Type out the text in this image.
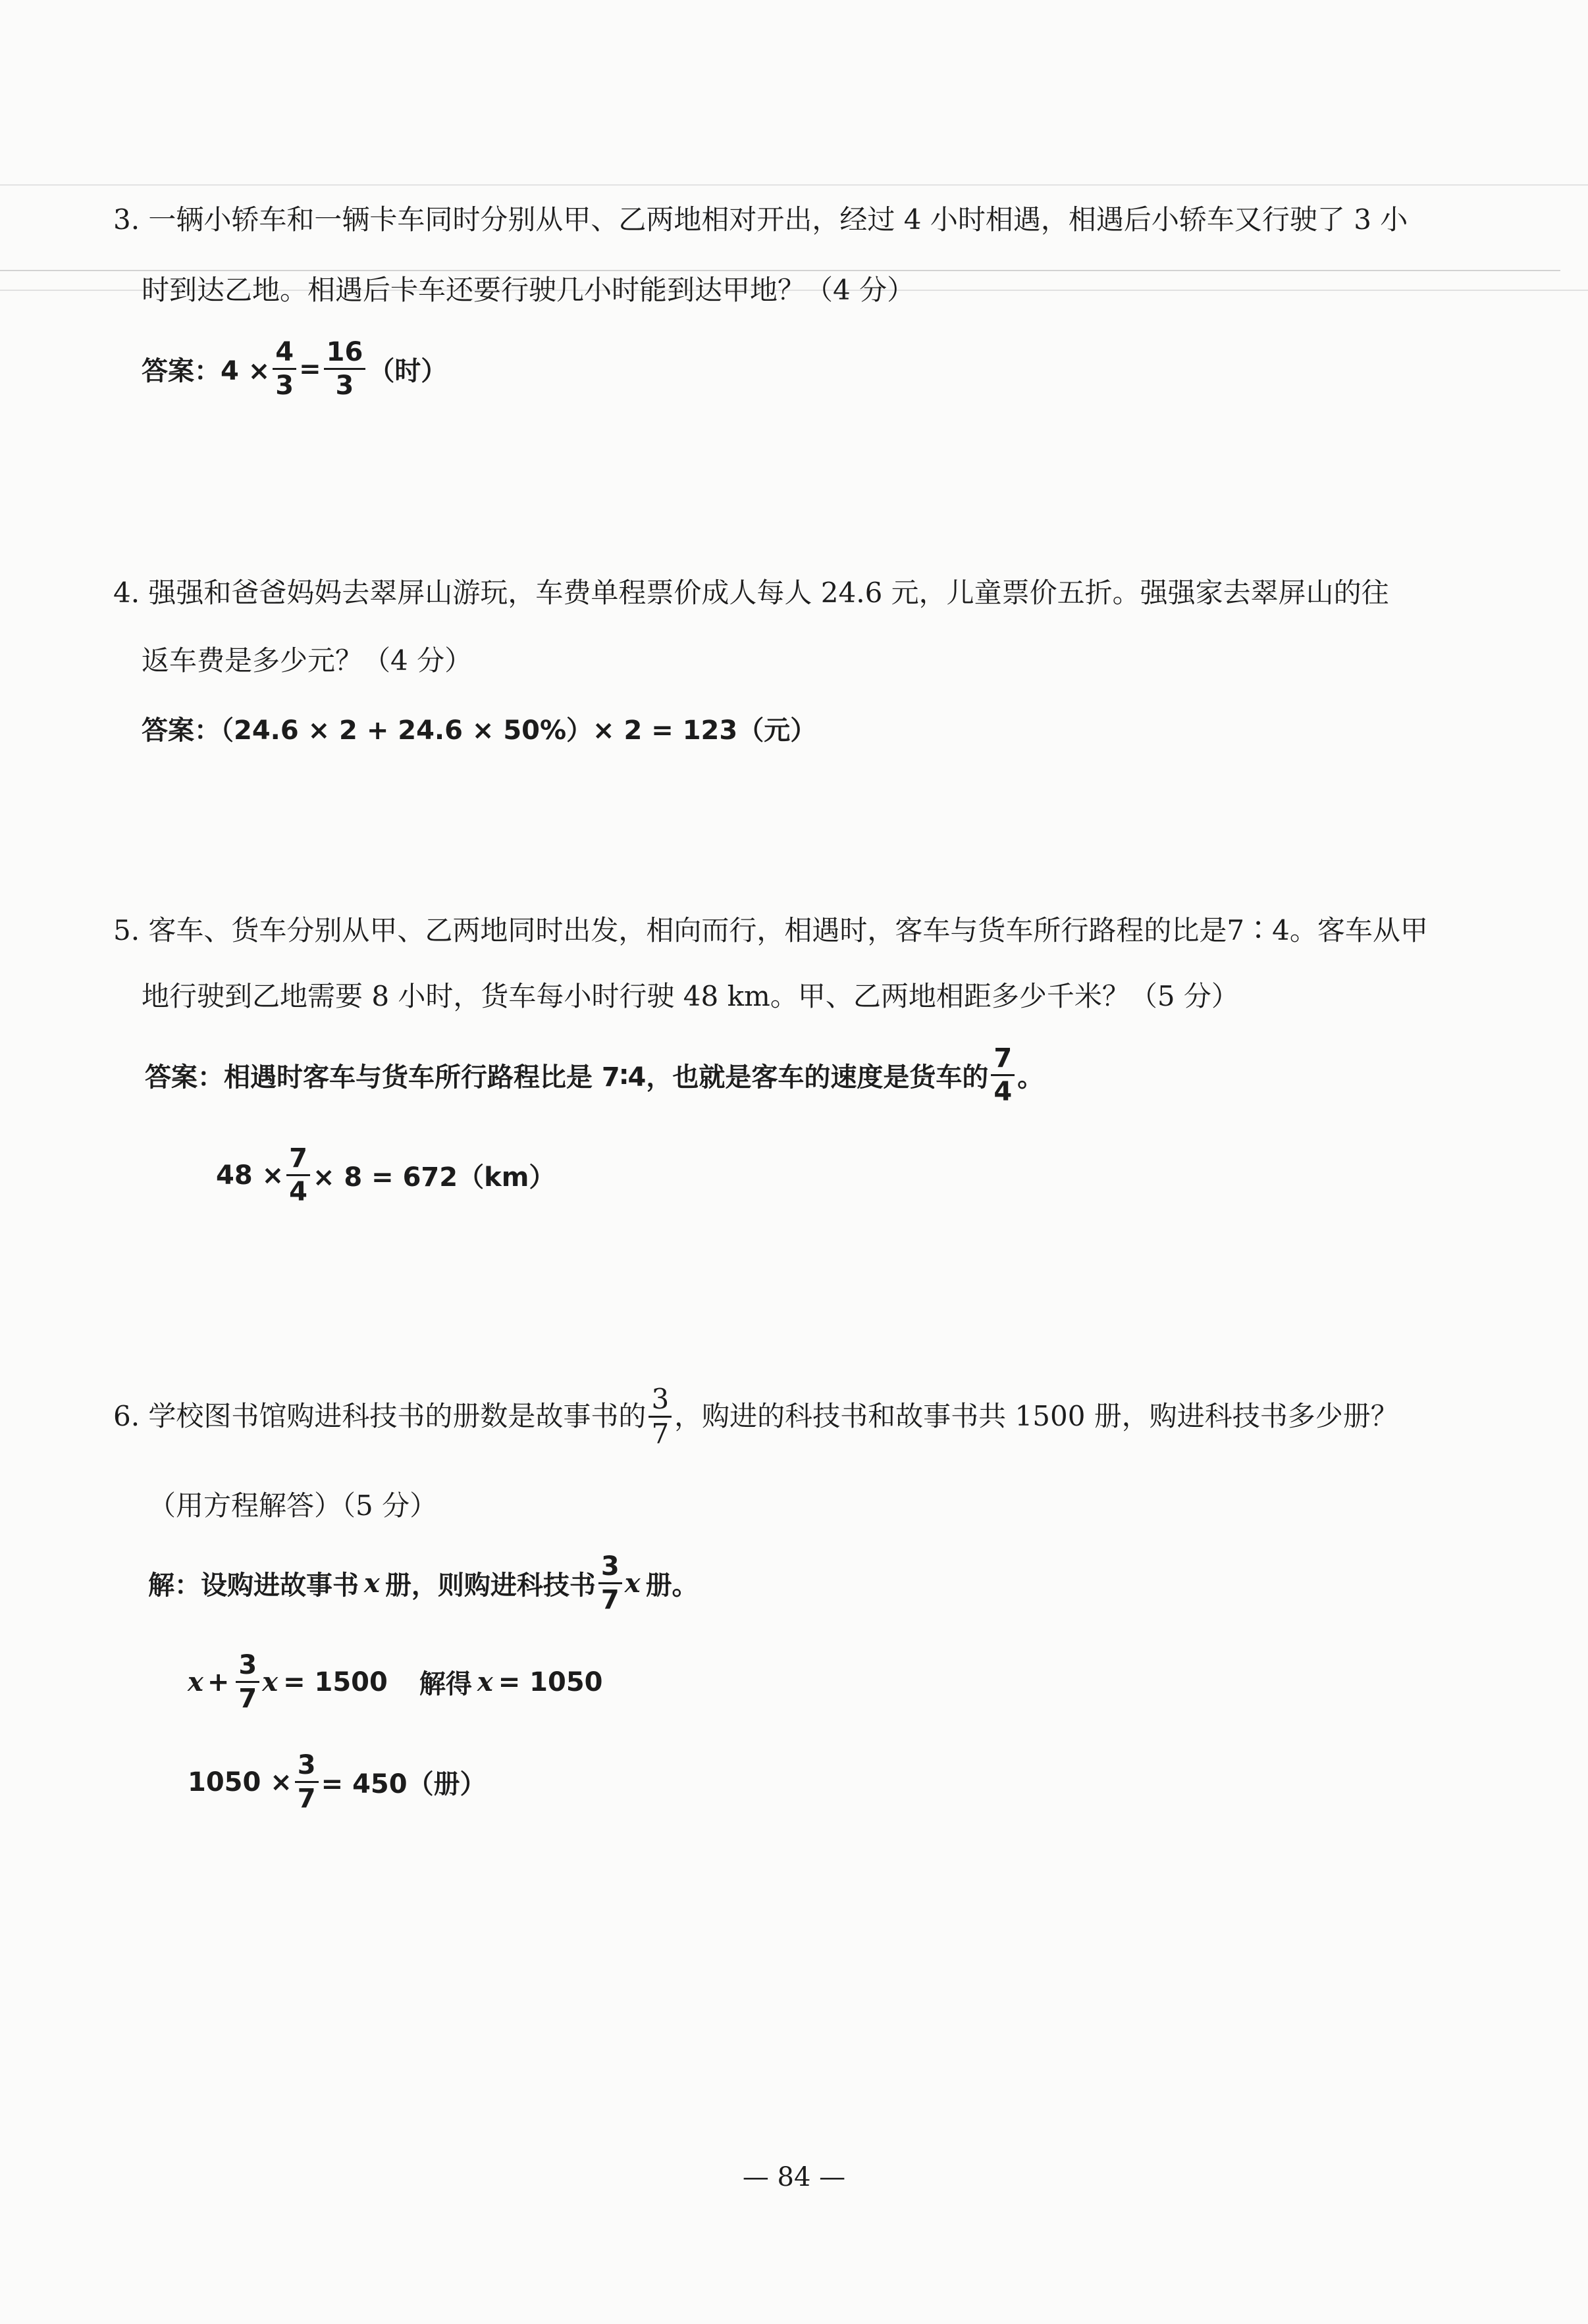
3. 一辆小轿车和一辆卡车同时分别从甲、乙两地相对开出，经过 4 小时相遇，相遇后小轿车又行驶了 3 小
时到达乙地。相遇后卡车还要行驶几小时能到达甲地？（4 分）
答案：$4 \times \frac{4}{3} = \frac{16}{3}$ （时）
4. 强强和爸爸妈妈去翠屏山游玩，车费单程票价成人每人 24.6 元，儿童票价五折。强强家去翠屏山的往
返车费是多少元？（4 分）
答案：（24.6 × 2 + 24.6 × 50%）× 2 = 123（元）
5. 客车、货车分别从甲、乙两地同时出发，相向而行，相遇时，客车与货车所行路程的比是7∶4。客车从甲
地行驶到乙地需要 8 小时，货车每小时行驶 48 km。甲、乙两地相距多少千米？（5 分）
答案：相遇时客车与货车所行路程比是 7∶4，也就是客车的速度是货车的 $\frac{7}{4}$ 。
$48 \times \frac{7}{4} \times 8 = 672(km)$
6. 学校图书馆购进科技书的册数是故事书的 $\frac{3}{7}$ ，购进的科技书和故事书共 1500 册，购进科技书多少册？
（用方程解答）（5 分）
解：设购进故事书 x 册，则购进科技书 $\frac{3}{7}$ x 册。
$x + \frac{3}{7}$ x = 1500 解得 x = 1050
$1050 \times \frac{3}{7} = 450$（册）
— 84 —
